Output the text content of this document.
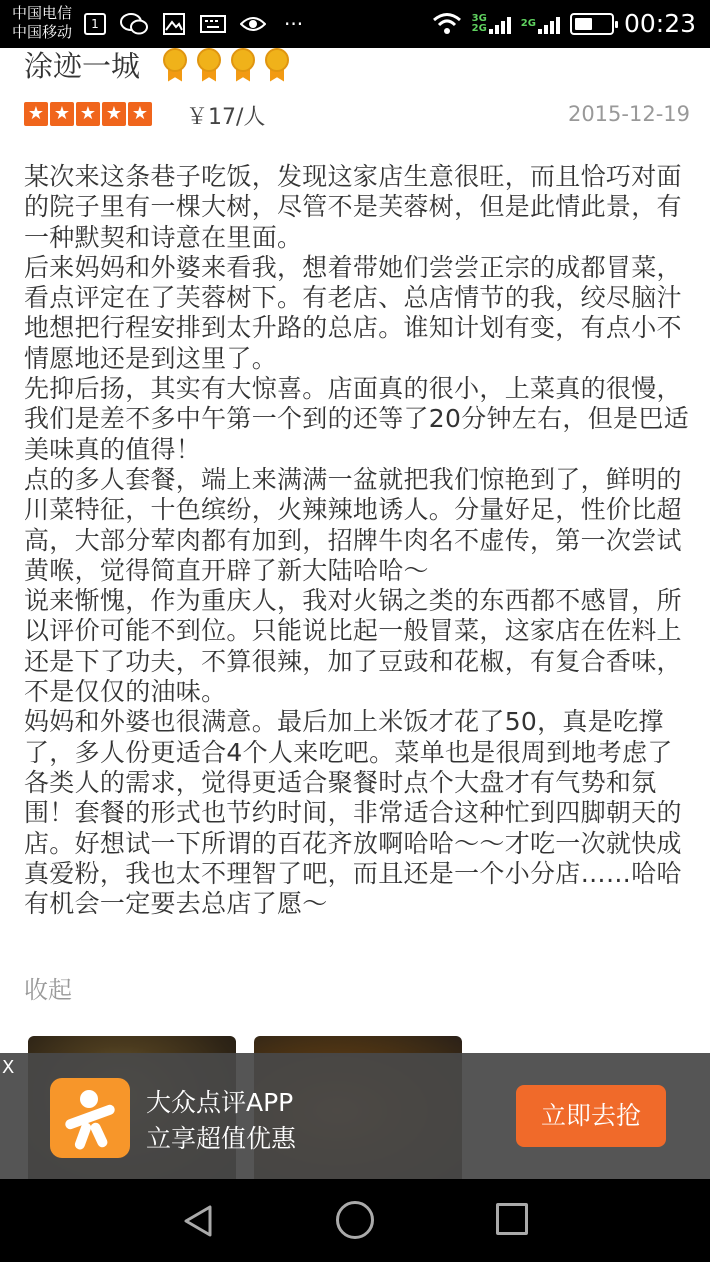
中国电信
中国移动	1	···	3G
2G	2G	00:23
涂迹一城
★ ★ ★ ★ ★ ￥17/人	2015-12-19
某次来这条巷子吃饭，发现这家店生意很旺，而且恰巧对面的院子里有一棵大树，尽管不是芙蓉树，但是此情此景，有一种默契和诗意在里面。
后来妈妈和外婆来看我，想着带她们尝尝正宗的成都冒菜，看点评定在了芙蓉树下。有老店、总店情节的我，绞尽脑汁地想把行程安排到太升路的总店。谁知计划有变，有点小不情愿地还是到这里了。
先抑后扬，其实有大惊喜。店面真的很小，上菜真的很慢，我们是差不多中午第一个到的还等了20分钟左右，但是巴适美味真的值得！
点的多人套餐，端上来满满一盆就把我们惊艳到了，鲜明的川菜特征，十色缤纷，火辣辣地诱人。分量好足，性价比超高，大部分荤肉都有加到，招牌牛肉名不虚传，第一次尝试黄喉，觉得简直开辟了新大陆哈哈～
说来惭愧，作为重庆人，我对火锅之类的东西都不感冒，所以评价可能不到位。只能说比起一般冒菜，这家店在佐料上还是下了功夫，不算很辣，加了豆豉和花椒，有复合香味，不是仅仅的油味。
妈妈和外婆也很满意。最后加上米饭才花了50，真是吃撑了，多人份更适合4个人来吃吧。菜单也是很周到地考虑了各类人的需求，觉得更适合聚餐时点个大盘才有气势和氛围！套餐的形式也节约时间，非常适合这种忙到四脚朝天的店。好想试一下所谓的百花齐放啊哈哈～～才吃一次就快成真爱粉，我也太不理智了吧，而且还是一个小分店……哈哈有机会一定要去总店了愿～
收起
X
大众点评APP
立享超值优惠
立即去抢
